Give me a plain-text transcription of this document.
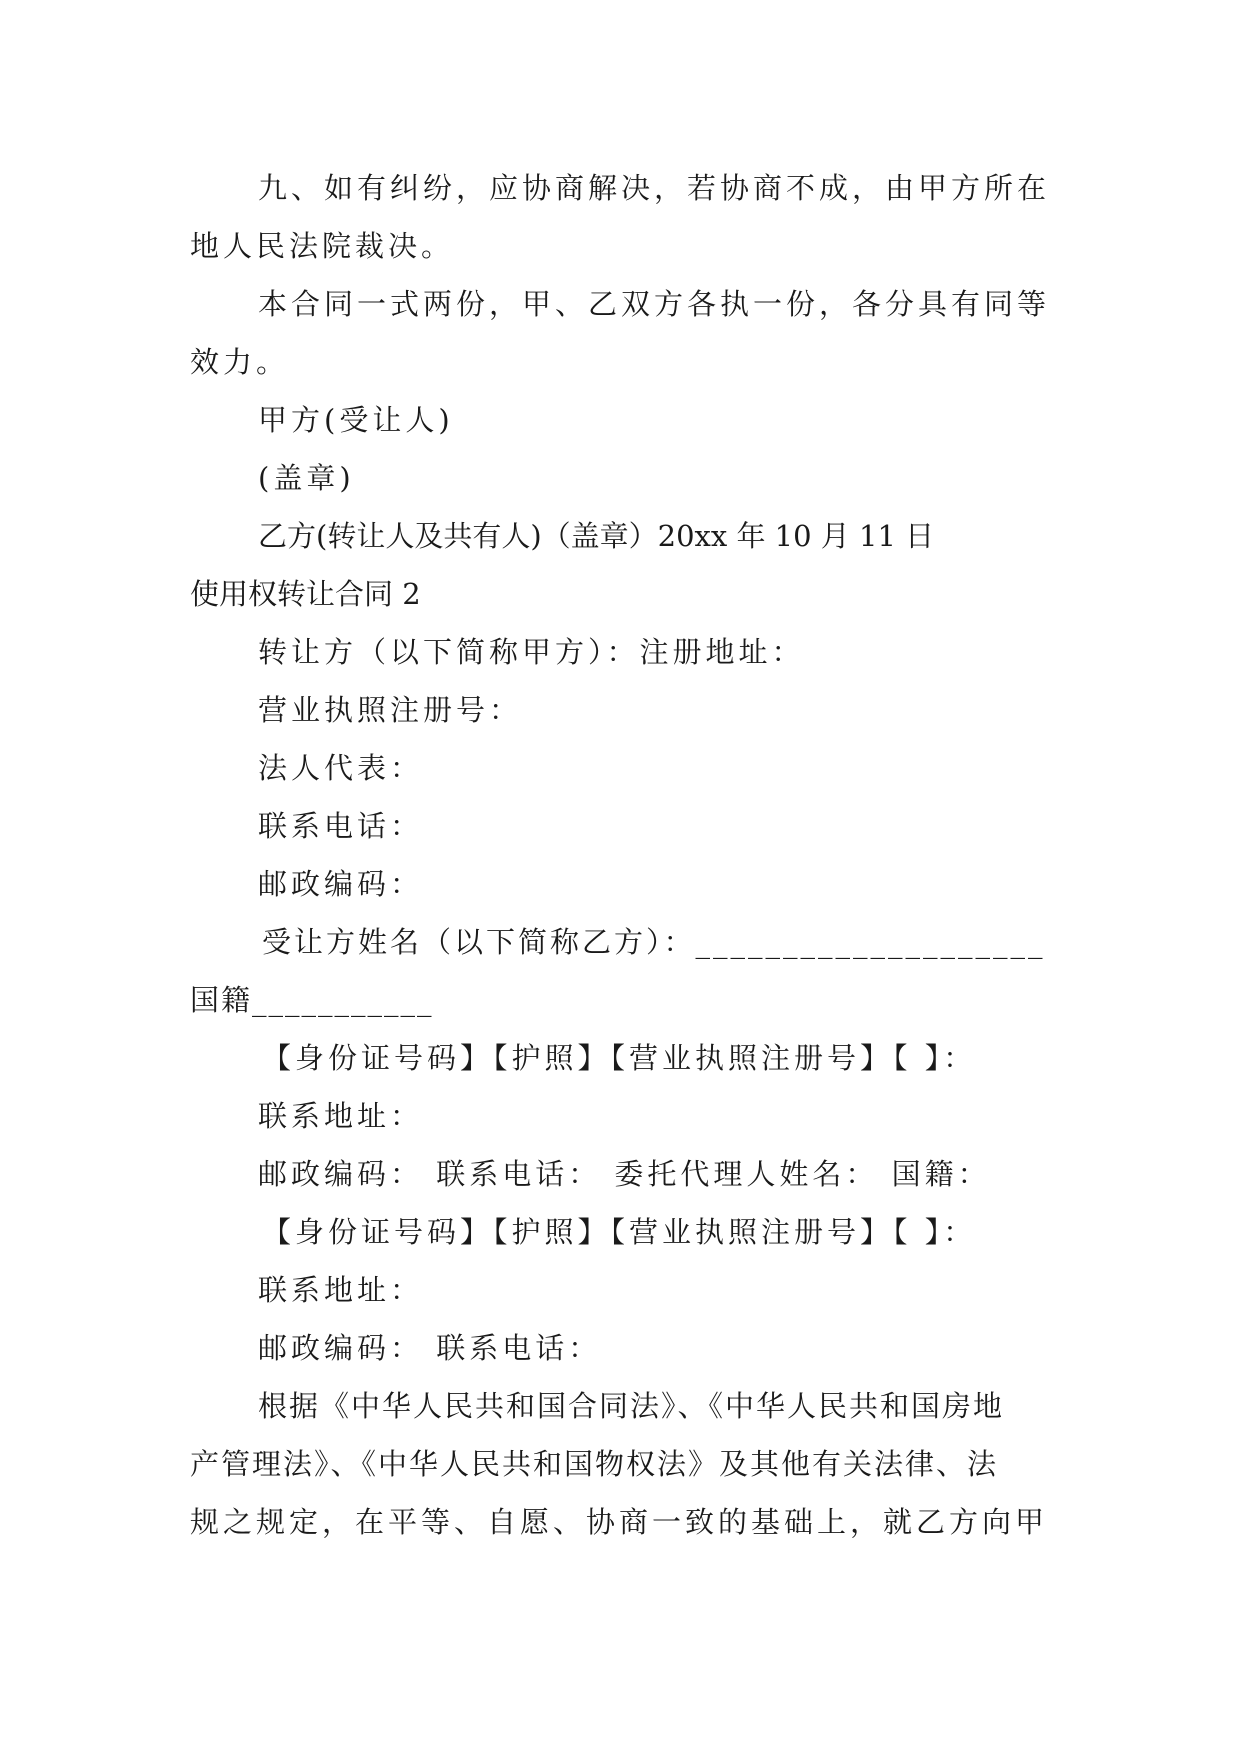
九、如有纠纷，应协商解决，若协商不成，由甲方所在
地人民法院裁决。
本合同一式两份，甲、乙双方各执一份，各分具有同等
效力。
甲方(受让人)
(盖章)
乙方(转让人及共有人)（盖章）20xx 年 10 月 11 日
使用权转让合同 2
转让方（以下简称甲方）：注册地址：
营业执照注册号：
法人代表：
联系电话：
邮政编码：
受让方姓名（以下简称乙方）：____________________
国籍___________
【身份证号码】【护照】【营业执照注册号】【 】：
联系地址：
邮政编码： 联系电话： 委托代理人姓名： 国籍：
【身份证号码】【护照】【营业执照注册号】【 】：
联系地址：
邮政编码： 联系电话：
根据《中华人民共和国合同法》、《中华人民共和国房地
产管理法》、《中华人民共和国物权法》及其他有关法律、法
规之规定，在平等、自愿、协商一致的基础上，就乙方向甲
